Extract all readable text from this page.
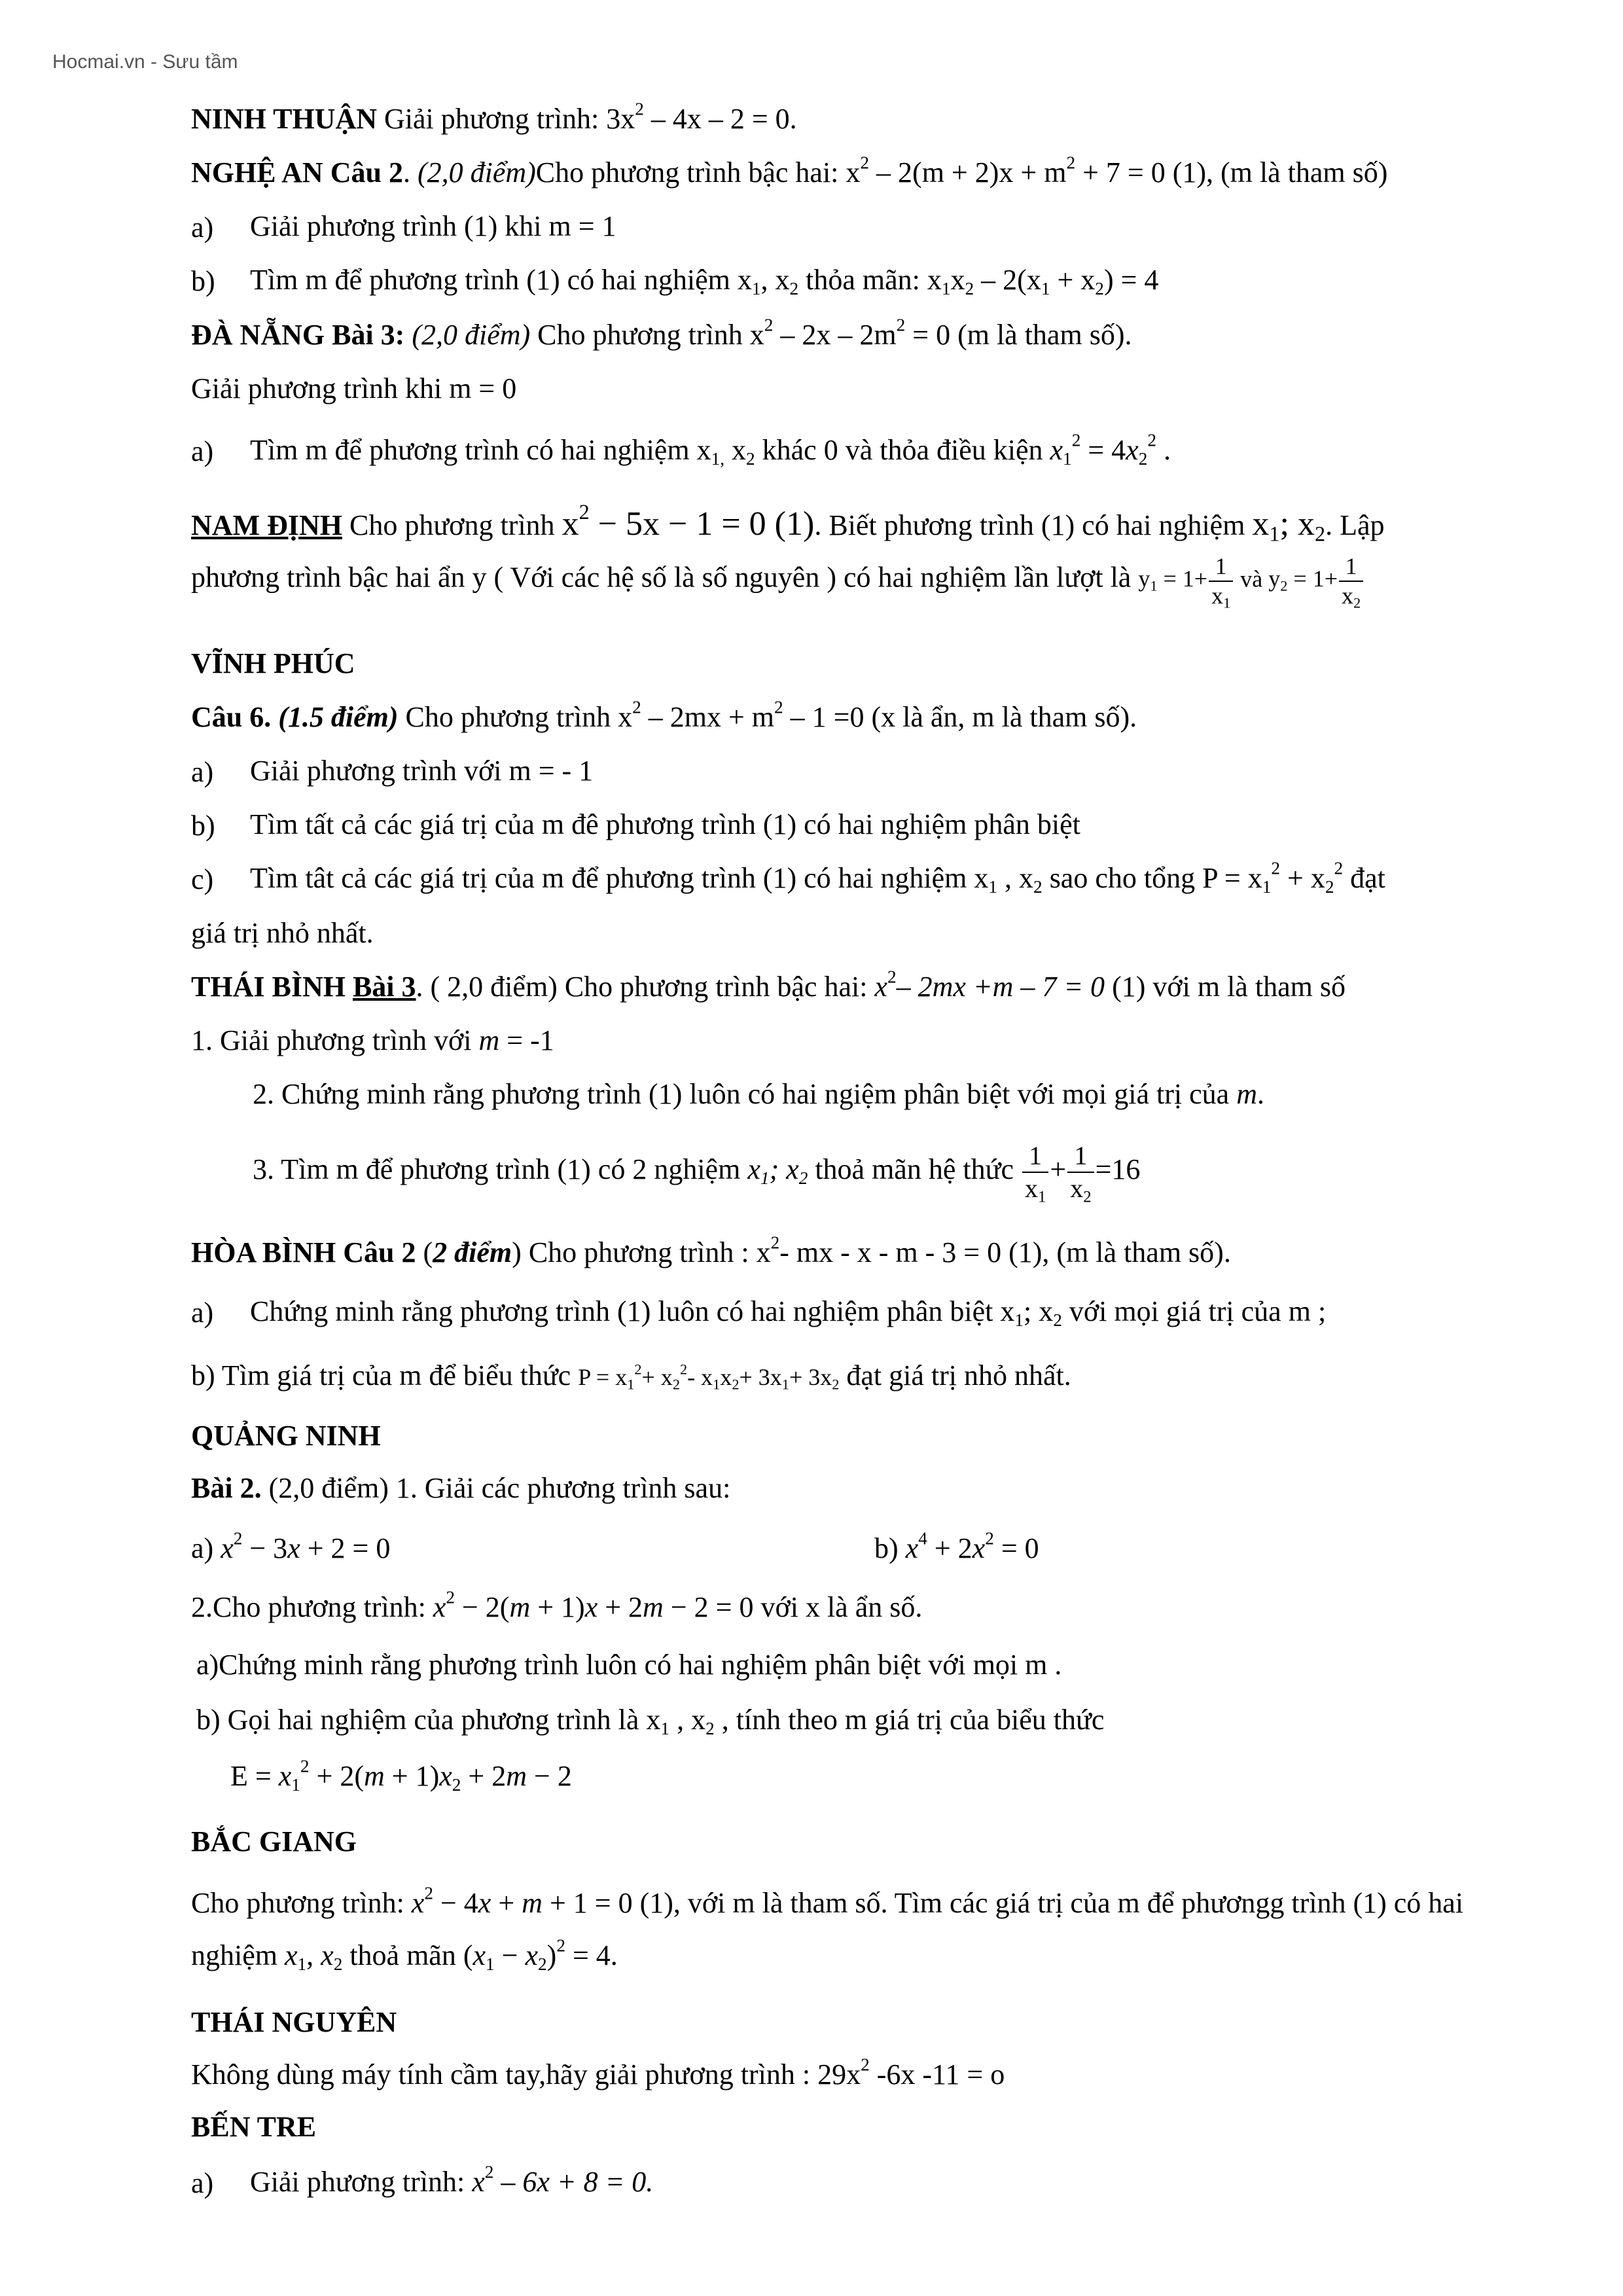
Hocmai.vn - Sưu tầm
NINH THUẬN Giải phương trình: $3x^2 - 4x - 2 = 0$.
NGHỆ AN Câu 2. (2,0 điểm)Cho phương trình bậc hai: $x^2 - 2(m + 2)x + m^2 + 7 = 0$ (1), (m là tham số)
a) Giải phương trình (1) khi m = 1
b) Tìm m để phương trình (1) có hai nghiệm $x_1$, $x_2$ thỏa mãn: $x_1x_2 - 2(x_1 + x_2) = 4$
ĐÀ NẴNG Bài 3: (2,0 điểm) Cho phương trình $x^2 - 2x - 2m^2 = 0$ (m là tham số).
Giải phương trình khi m = 0
a) Tìm m để phương trình có hai nghiệm $x_{1,}$ $x_2$ khác 0 và thỏa điều kiện $x_1^2 = 4x_2^2$ .
NAM ĐỊNH Cho phương trình $x^2 - 5x - 1 = 0$ (1). Biết phương trình (1) có hai nghiệm $x_1$; $x_2$. Lập
phương trình bậc hai ẩn y ( Với các hệ số là số nguyên ) có hai nghiệm lần lượt là $y_1 = 1+ \frac{1}{x_1}$ và $y_2 = 1+ \frac{1}{x_2}$
VĨNH PHÚC
Câu 6. (1.5 điểm) Cho phương trình $x^2 - 2mx + m^2 - 1 =0$ (x là ẩn, m là tham số).
a) Giải phương trình với m = - 1
b) Tìm tất cả các giá trị của m đê phương trình (1) có hai nghiệm phân biệt
c) Tìm tât cả các giá trị của m để phương trình (1) có hai nghiệm $x_1$ , $x_2$ sao cho tổng $P = x_1^2 + x_2^2$ đạt
giá trị nhỏ nhất.
THÁI BÌNH Bài 3. ( 2,0 điểm) Cho phương trình bậc hai: $x^2-$ 2mx +m – 7 = 0 (1) với m là tham số
1. Giải phương trình với m = -1
2. Chứng minh rằng phương trình (1) luôn có hai ngiệm phân biệt với mọi giá trị của m.
3. Tìm m để phương trình (1) có 2 nghiệm $x_1$; $x_2$ thoả mãn hệ thức $\frac{1}{x_1} + \frac{1}{x_2} =16$
HÒA BÌNH Câu 2 (2 điểm) Cho phương trình : $x^2-$ mx - x - m - 3 = 0 (1), (m là tham số).
a) Chứng minh rằng phương trình (1) luôn có hai nghiệm phân biệt $x_1$; $x_2$ với mọi giá trị của m ;
b) Tìm giá trị của m để biểu thức $P = x_1^2+ x_2^2-$ $x_1x_2+ 3x_1+ 3x_2$ đạt giá trị nhỏ nhất.
QUẢNG NINH
Bài 2. (2,0 điểm) 1. Giải các phương trình sau:
a) $x^2 - 3x + 2 = 0$	b) $x^4 + 2x^2 = 0$
2.Cho phương trình: $x^2 - 2(m + 1)x + 2m - 2 = 0$ với x là ẩn số.
a)Chứng minh rằng phương trình luôn có hai nghiệm phân biệt với mọi m .
b) Gọi hai nghiệm của phương trình là $x_1$ , $x_2$ , tính theo m giá trị của biểu thức
$E = x_1^2 + 2(m + 1)x_2 + 2m - 2$
BẮC GIANG
Cho phương trình: $x^2 - 4x + m + 1 = 0$ (1), với m là tham số. Tìm các giá trị của m để phươngg trình (1) có hai
nghiệm $x_1$, $x_2$ thoả mãn $(x_1 - x_2)^2 = 4$.
THÁI NGUYÊN
Không dùng máy tính cầm tay,hãy giải phương trình : $29x^2$ -6x -11 = o
BẾN TRE
a) Giải phương trình: $x^2 - 6x + 8 = 0$.
